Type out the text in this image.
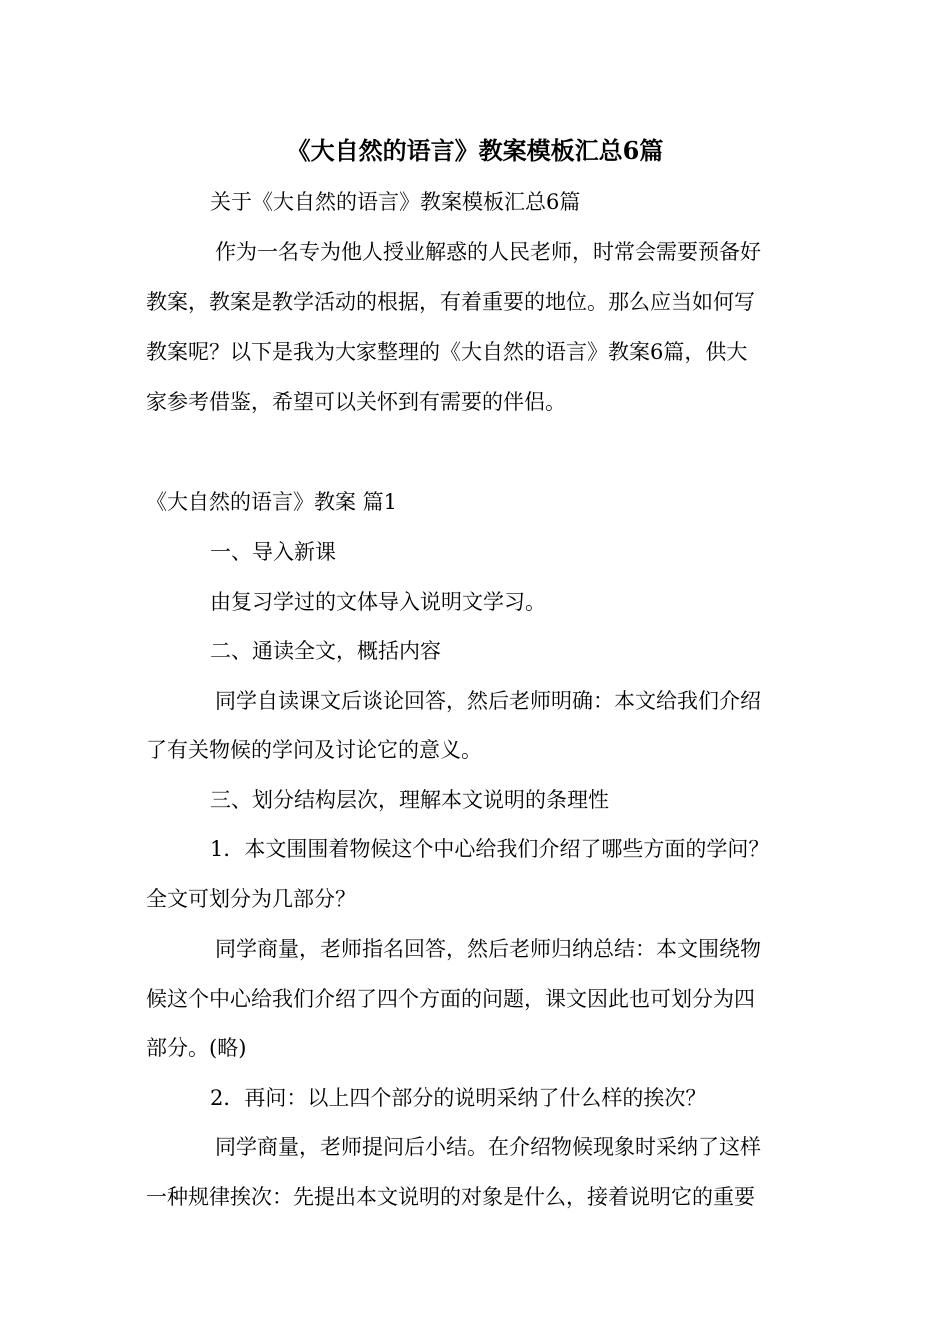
《大自然的语言》教案模板汇总6篇
关于《大自然的语言》教案模板汇总6篇
作为一名专为他人授业解惑的人民老师，时常会需要预备好
教案，教案是教学活动的根据，有着重要的地位。那么应当如何写
教案呢？以下是我为大家整理的《大自然的语言》教案6篇，供大
家参考借鉴，希望可以关怀到有需要的伴侣。
《大自然的语言》教案 篇1
一、导入新课
由复习学过的文体导入说明文学习。
二、通读全文，概括内容
同学自读课文后谈论回答，然后老师明确：本文给我们介绍
了有关物候的学问及讨论它的意义。
三、划分结构层次，理解本文说明的条理性
1．本文围围着物候这个中心给我们介绍了哪些方面的学问？
全文可划分为几部分？
同学商量，老师指名回答，然后老师归纳总结：本文围绕物
候这个中心给我们介绍了四个方面的问题，课文因此也可划分为四
部分。(略)
2．再问：以上四个部分的说明采纳了什么样的挨次？
同学商量，老师提问后小结。在介绍物候现象时采纳了这样
一种规律挨次：先提出本文说明的对象是什么，接着说明它的重要
